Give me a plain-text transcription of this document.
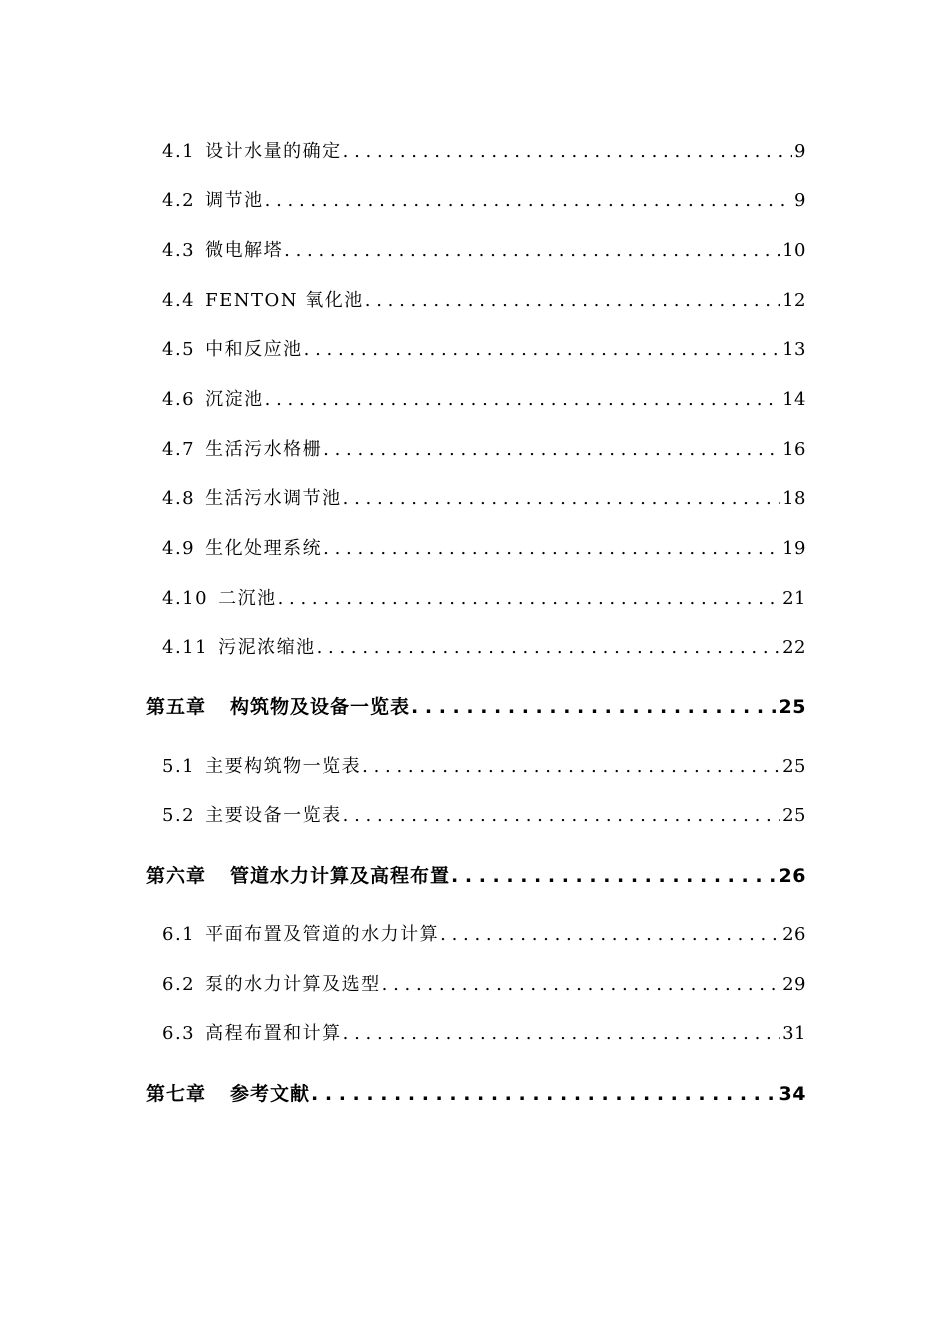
4.1 设计水量的确定 . . .	9
4.2 调节池 . . .	9
4.3 微电解塔 . . .	10
4.4 FENTON 氧化池 . . .	12
4.5 中和反应池 . . .	13
4.6 沉淀池 . . .	14
4.7 生活污水格栅 . . .	16
4.8 生活污水调节池 . . .	18
4.9 生化处理系统 . . .	19
4.10 二沉池 . . .	21
4.11 污泥浓缩池 . . .	22
第五章 构筑物及设备一览表 . . .	25
5.1 主要构筑物一览表 . . .	25
5.2 主要设备一览表 . . .	25
第六章 管道水力计算及高程布置 . . .	26
6.1 平面布置及管道的水力计算 . . .	26
6.2 泵的水力计算及选型 . . .	29
6.3 高程布置和计算 . . .	31
第七章 参考文献 . . .	34
